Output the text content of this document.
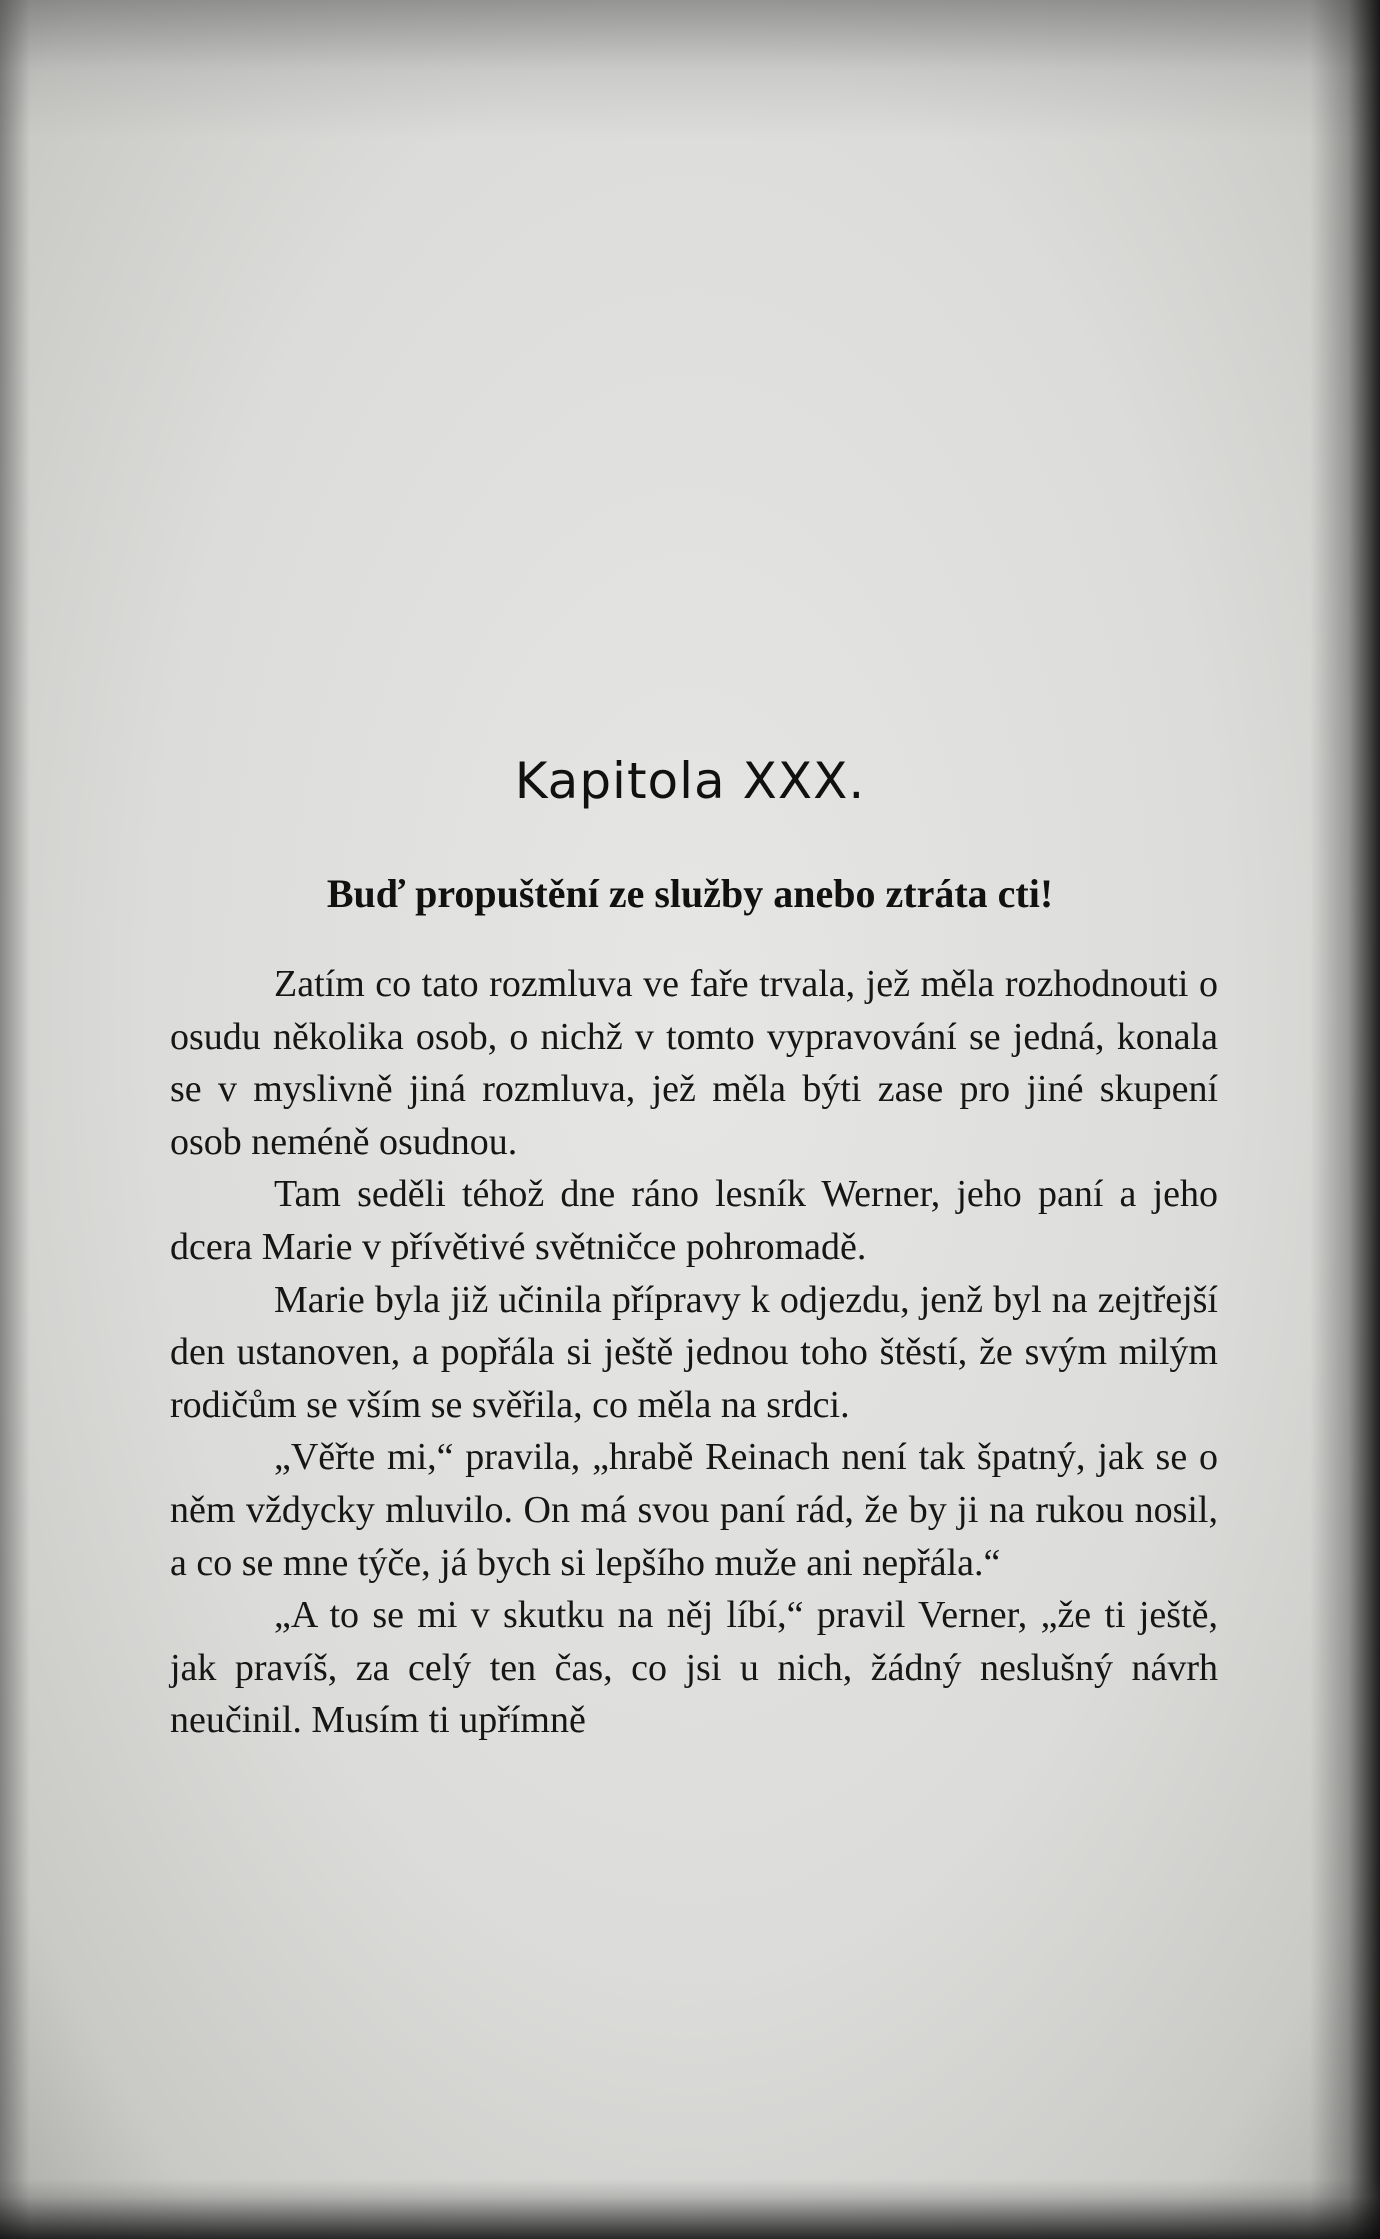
Kapitola XXX.
Buď propuštění ze služby anebo ztráta cti!

Zatím co tato rozmluva ve faře trvala, jež měla rozhodnouti o osudu několika osob, o nichž v tomto vypravování se jedná, konala se v myslivně jiná rozmluva, jež měla býti zase pro jiné skupení osob neméně osudnou.

Tam seděli téhož dne ráno lesník Werner, jeho paní a jeho dcera Marie v přívětivé světničce pohromadě.

Marie byla již učinila přípravy k odjezdu, jenž byl na zejtřejší den ustanoven, a popřála si ještě jednou toho štěstí, že svým milým rodičům se vším se svěřila, co měla na srdci.

„Věřte mi,“ pravila, „hrabě Reinach není tak špatný, jak se o něm vždycky mluvilo. On má svou paní rád, že by ji na rukou nosil, a co se mne týče, já bych si lepšího muže ani nepřála.“

„A to se mi v skutku na něj líbí,“ pravil Verner, „že ti ještě, jak pravíš, za celý ten čas, co jsi u nich, žádný neslušný návrh neučinil. Musím ti upřímně
